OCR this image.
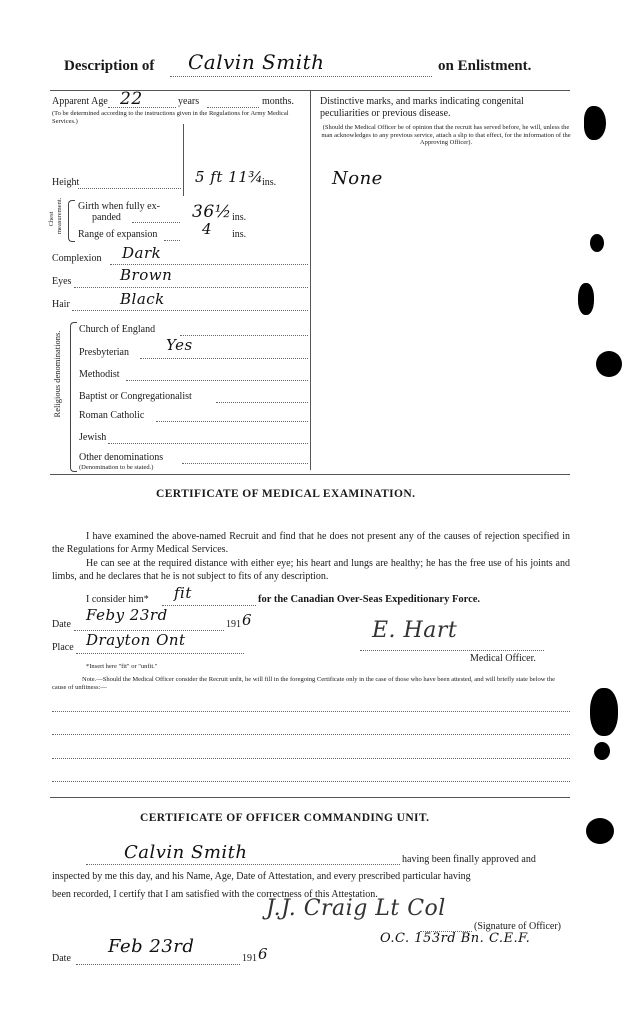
Description of Calvin Smith	on Enlistment.
Apparent Age 22	years	months.
(To be determined according to the instructions given in the Regulations for Army Medical Services.)
Height	5 ft 11¾
ins.
Chest measurement. Girth when fully ex-
panded	36½ ins.
Range of expansion	4 ins.
Complexion Dark
Eyes	Brown
Hair	Black
Religious denominations.
Church of England
Presbyterian Yes
Methodist
Baptist or Congregationalist
Roman Catholic
Jewish
Other denominations
(Denomination to be stated.)
Distinctive marks, and marks indicating congenital peculiarities or previous disease.
(Should the Medical Officer be of opinion that the recruit has served before, he will, unless the man acknowledges to any previous service, attach a slip to that effect, for the information of the Approving Officer).
None
CERTIFICATE OF MEDICAL EXAMINATION.
I have examined the above-named Recruit and find that he does not present any of the causes of rejection specified in the Regulations for Army Medical Services.
He can see at the required distance with either eye; his heart and lungs are healthy; he has the free use of his joints and limbs, and he declares that he is not subject to fits of any description.
I consider him* fit	for the Canadian Over-Seas Expeditionary Force.
Date
Feby 23rd
191 6
Place Drayton Ont	E. Hart
Medical Officer.
*Insert here "fit" or "unfit."
Note.—Should the Medical Officer consider the Recruit unfit, he will fill in the foregoing Certificate only in the case of those who have been attested, and will briefly state below the cause of unfitness:—
CERTIFICATE OF OFFICER COMMANDING UNIT.
Calvin Smith	having been finally approved and
inspected by me this day, and his Name, Age, Date of Attestation, and every prescribed particular having
been recorded, I certify that I am satisfied with the correctness of this Attestation.
J.J. Craig Lt Col
(Signature of Officer)
O.C. 153rd Bn. C.E.F.
Date
Feb 23rd
191 6
